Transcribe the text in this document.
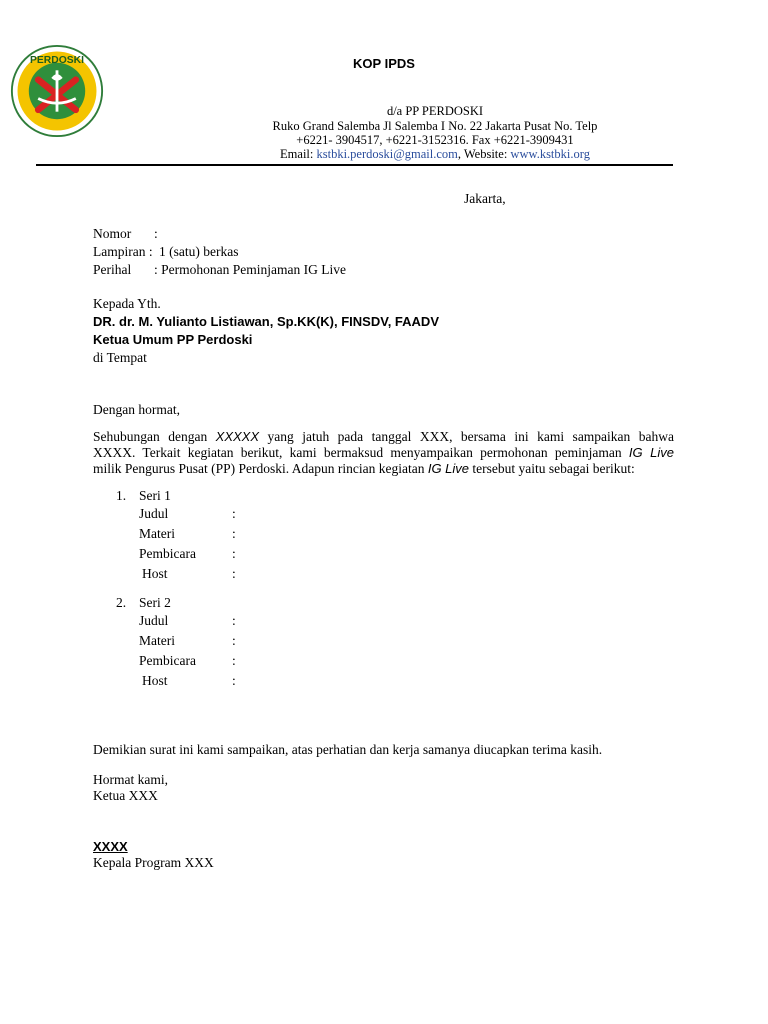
PERDOSKI	KOP IPDS
d/a PP PERDOSKI
Ruko Grand Salemba Jl Salemba I No. 22 Jakarta Pusat No. Telp
+6221- 3904517, +6221-3152316. Fax +6221-3909431
Email: kstbki.perdoski@gmail.com, Website: www.kstbki.org
Jakarta,
Nomor :
Lampiran : 1 (satu) berkas
Perihal : Permohonan Peminjaman IG Live
Kepada Yth.
DR. dr. M. Yulianto Listiawan, Sp.KK(K), FINSDV, FAADV
Ketua Umum PP Perdoski
di Tempat
Dengan hormat,
Sehubungan dengan XXXXX yang jatuh pada tanggal XXX, bersama ini kami sampaikan bahwa
XXXX. Terkait kegiatan berikut, kami bermaksud menyampaikan permohonan peminjaman IG Live
milik Pengurus Pusat (PP) Perdoski. Adapun rincian kegiatan IG Live tersebut yaitu sebagai berikut:
1. Seri 1
Judul	:
Materi	:
Pembicara	:
Host	:
2. Seri 2
Judul	:
Materi	:
Pembicara	:
Host	:
Demikian surat ini kami sampaikan, atas perhatian dan kerja samanya diucapkan terima kasih.
Hormat kami,
Ketua XXX
XXXX
Kepala Program XXX
